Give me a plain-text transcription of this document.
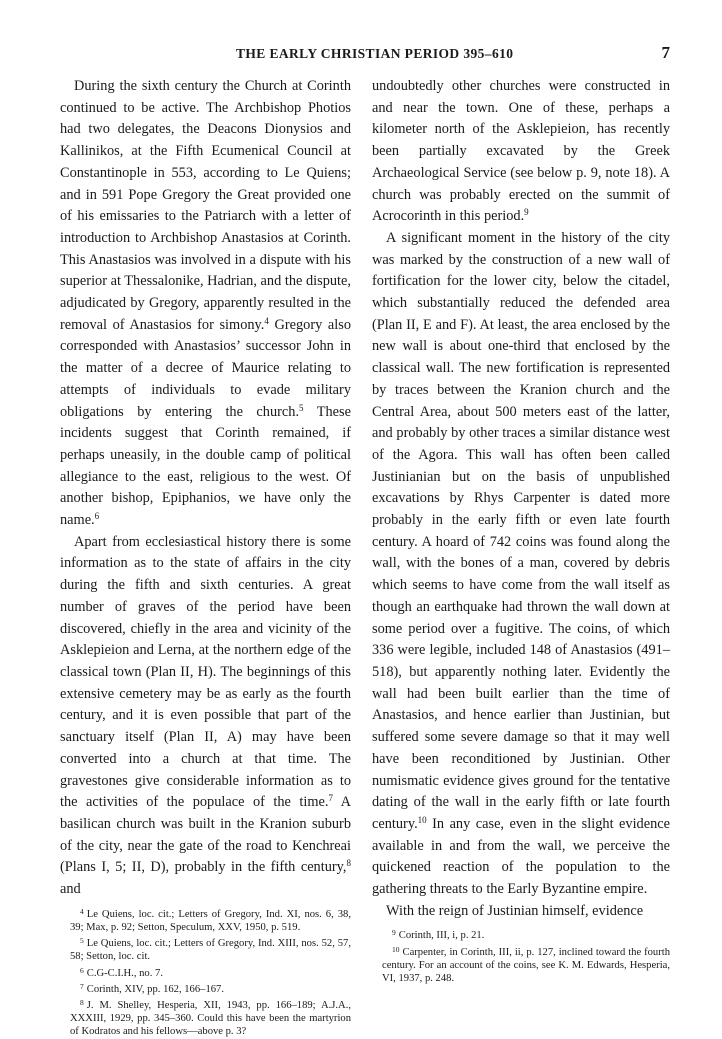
THE EARLY CHRISTIAN PERIOD 395–610	7

During the sixth century the Church at Corinth continued to be active. The Archbishop Photios had two delegates, the Deacons Dionysios and Kallinikos, at the Fifth Ecumenical Council at Constantinople in 553, according to Le Quiens; and in 591 Pope Gregory the Great provided one of his emissaries to the Patriarch with a letter of introduction to Archbishop Anastasios at Corinth. This Anastasios was involved in a dispute with his superior at Thessalonike, Hadrian, and the dispute, adjudicated by Gregory, apparently resulted in the removal of Anastasios for simony.$^4$ Gregory also corresponded with Anastasios’ successor John in the matter of a decree of Maurice relating to attempts of individuals to evade military obligations by entering the church.$^5$ These incidents suggest that Corinth remained, if perhaps uneasily, in the double camp of political allegiance to the east, religious to the west. Of another bishop, Epiphanios, we have only the name.$^6$

Apart from ecclesiastical history there is some information as to the state of affairs in the city during the fifth and sixth centuries. A great number of graves of the period have been discovered, chiefly in the area and vicinity of the Asklepieion and Lerna, at the northern edge of the classical town (Plan II, H). The beginnings of this extensive cemetery may be as early as the fourth century, and it is even possible that part of the sanctuary itself (Plan II, A) may have been converted into a church at that time. The gravestones give considerable information as to the activities of the populace of the time.$^7$ A basilican church was built in the Kranion suburb of the city, near the gate of the road to Kenchreai (Plans I, 5; II, D), probably in the fifth century,$^8$ and

$^4$ Le Quiens, loc. cit.; Letters of Gregory, Ind. XI, nos. 6, 38, 39; Max, p. 92; Setton, Speculum, XXV, 1950, p. 519.

$^5$ Le Quiens, loc. cit.; Letters of Gregory, Ind. XIII, nos. 52, 57, 58; Setton, loc. cit.

$^6$ C.G-C.I.H., no. 7.

$^7$ Corinth, XIV, pp. 162, 166–167.

$^8$ J. M. Shelley, Hesperia, XII, 1943, pp. 166–189; A.J.A., XXXIII, 1929, pp. 345–360. Could this have been the martyrion of Kodratos and his fellows—above p. 3?

undoubtedly other churches were constructed in and near the town. One of these, perhaps a kilometer north of the Asklepieion, has recently been partially excavated by the Greek Archaeological Service (see below p. 9, note 18). A church was probably erected on the summit of Acrocorinth in this period.$^9$

A significant moment in the history of the city was marked by the construction of a new wall of fortification for the lower city, below the citadel, which substantially reduced the defended area (Plan II, E and F). At least, the area enclosed by the new wall is about one-third that enclosed by the classical wall. The new fortification is represented by traces between the Kranion church and the Central Area, about 500 meters east of the latter, and probably by other traces a similar distance west of the Agora. This wall has often been called Justinianian but on the basis of unpublished excavations by Rhys Carpenter is dated more probably in the early fifth or even late fourth century. A hoard of 742 coins was found along the wall, with the bones of a man, covered by debris which seems to have come from the wall itself as though an earthquake had thrown the wall down at some period over a fugitive. The coins, of which 336 were legible, included 148 of Anastasios (491–518), but apparently nothing later. Evidently the wall had been built earlier than the time of Anastasios, and hence earlier than Justinian, but suffered some severe damage so that it may well have been reconditioned by Justinian. Other numismatic evidence gives ground for the tentative dating of the wall in the early fifth or late fourth century.$^{10}$ In any case, even in the slight evidence available in and from the wall, we perceive the quickened reaction of the population to the gathering threats to the Early Byzantine empire.

With the reign of Justinian himself, evidence

$^9$ Corinth, III, i, p. 21.

$^{10}$ Carpenter, in Corinth, III, ii, p. 127, inclined toward the fourth century. For an account of the coins, see K. M. Edwards, Hesperia, VI, 1937, p. 248.
